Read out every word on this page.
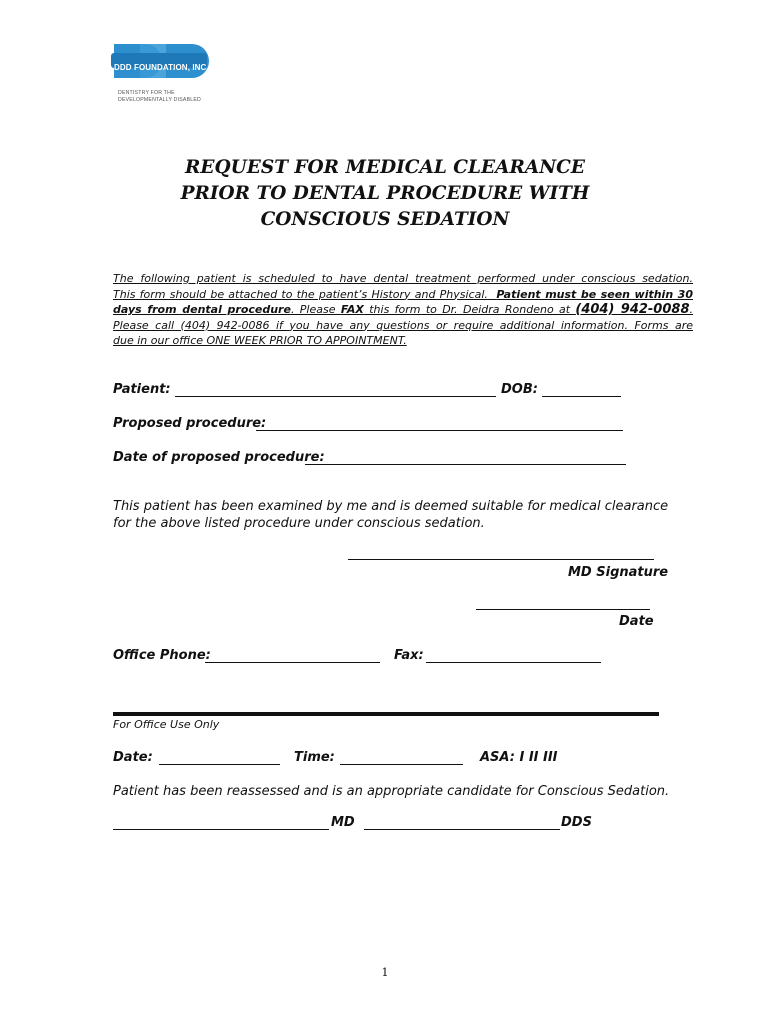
DDD FOUNDATION, INC.
DENTISTRY FOR THE
DEVELOPMENTALLY DISABLED
REQUEST FOR MEDICAL CLEARANCE
PRIOR TO DENTAL PROCEDURE WITH
CONSCIOUS SEDATION

The following patient is scheduled to have dental treatment performed under conscious sedation.

This form should be attached to the patient’s History and Physical. Patient must be seen within 30

days from dental procedure. Please FAX this form to Dr. Deidra Rondeno at (404) 942-0088.

Please call (404) 942-0086 if you have any questions or require additional information. Forms are

due in our office ONE WEEK PRIOR TO APPOINTMENT.

Patient:	DOB:
Proposed procedure:
Date of proposed procedure:
This patient has been examined by me and is deemed suitable for medical clearance
for the above listed procedure under conscious sedation.
MD Signature
Date
Office Phone:	Fax:
For Office Use Only
Date:	Time:	ASA: I II III
Patient has been reassessed and is an appropriate candidate for Conscious Sedation.
MD	DDS
1
